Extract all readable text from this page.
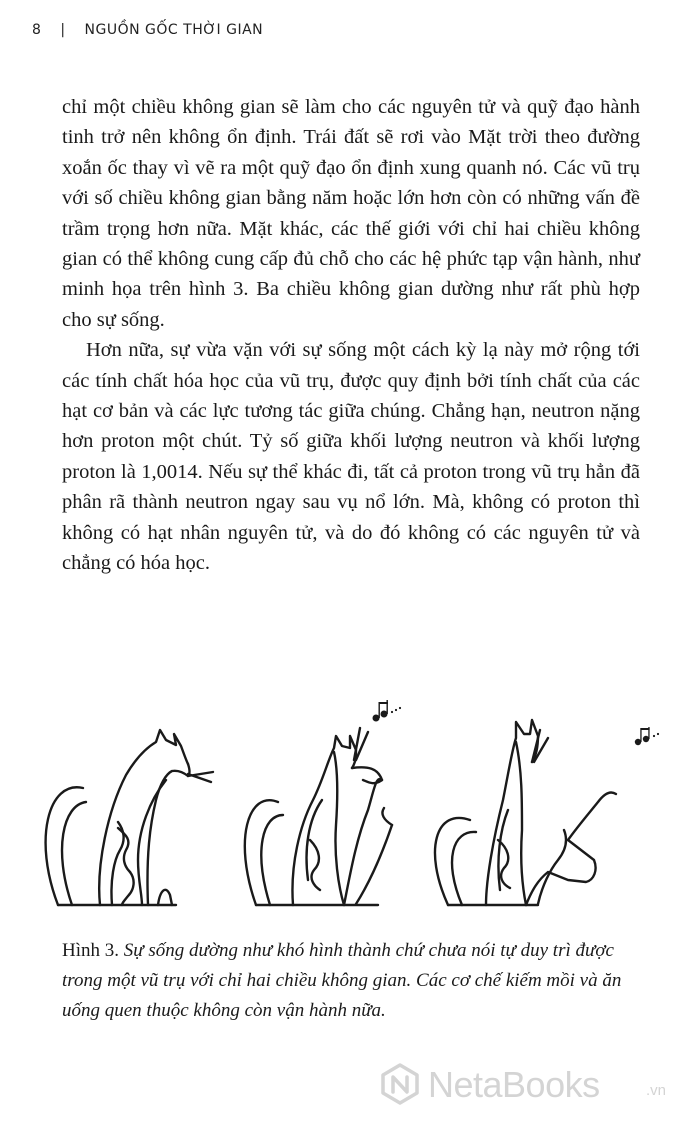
8 | NGUỒN GỐC THỜI GIAN

chỉ một chiều không gian sẽ làm cho các nguyên tử và quỹ đạo hành tinh trở nên không ổn định. Trái đất sẽ rơi vào Mặt trời theo đường xoắn ốc thay vì vẽ ra một quỹ đạo ổn định xung quanh nó. Các vũ trụ với số chiều không gian bằng năm hoặc lớn hơn còn có những vấn đề trầm trọng hơn nữa. Mặt khác, các thế giới với chỉ hai chiều không gian có thể không cung cấp đủ chỗ cho các hệ phức tạp vận hành, như minh họa trên hình 3. Ba chiều không gian dường như rất phù hợp cho sự sống.

Hơn nữa, sự vừa vặn với sự sống một cách kỳ lạ này mở rộng tới các tính chất hóa học của vũ trụ, được quy định bởi tính chất của các hạt cơ bản và các lực tương tác giữa chúng. Chẳng hạn, neutron nặng hơn proton một chút. Tỷ số giữa khối lượng neutron và khối lượng proton là 1,0014. Nếu sự thể khác đi, tất cả proton trong vũ trụ hẳn đã phân rã thành neutron ngay sau vụ nổ lớn. Mà, không có proton thì không có hạt nhân nguyên tử, và do đó không có các nguyên tử và chẳng có hóa học.

Hình 3. Sự sống dường như khó hình thành chứ chưa nói tự duy trì được trong một vũ trụ với chỉ hai chiều không gian. Các cơ chế kiếm mồi và ăn uống quen thuộc không còn vận hành nữa.
NetaBooks	.vn
